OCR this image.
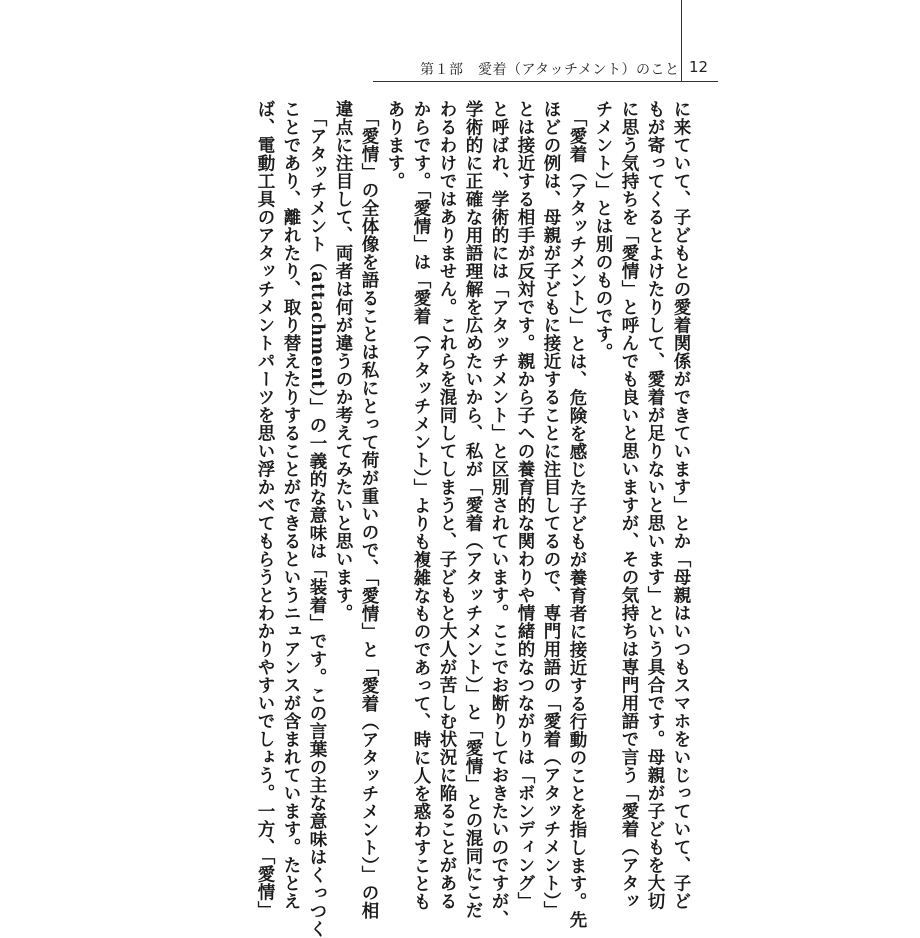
第１部　愛着（アタッチメント）のこと 12
に来ていて、子どもとの愛着関係ができています」とか「母親はいつもスマホをいじっていて、子ど
もが寄ってくるとよけたりして、愛着が足りないと思います」という具合です。母親が子どもを大切
に思う気持ちを「愛情」と呼んでも良いと思いますが、その気持ちは専門用語で言う「愛着（アタッ
チメント）」とは別のものです。
　「愛着（アタッチメント）」とは、危険を感じた子どもが養育者に接近する行動のことを指します。先
ほどの例は、母親が子どもに接近することに注目してるので、専門用語の「愛着（アタッチメント）」
とは接近する相手が反対です。親から子への養育的な関わりや情緒的なつながりは「ボンディング」
と呼ばれ、学術的には「アタッチメント」と区別されています。ここでお断りしておきたいのですが、
学術的に正確な用語理解を広めたいから、私が「愛着（アタッチメント）」と「愛情」との混同にこだ
わるわけではありません。これらを混同してしまうと、子どもと大人が苦しむ状況に陥ることがある
からです。「愛情」は「愛着（アタッチメント）」よりも複雑なものであって、時に人を惑わすことも
あります。
　「愛情」の全体像を語ることは私にとって荷が重いので、「愛情」と「愛着（アタッチメント）」の相
違点に注目して、両者は何が違うのか考えてみたいと思います。
　「アタッチメント（attachment）」の一義的な意味は「装着」です。この言葉の主な意味はくっつく
ことであり、離れたり、取り替えたりすることができるというニュアンスが含まれています。たとえ
ば、電動工具のアタッチメントパーツを思い浮かべてもらうとわかりやすいでしょう。一方、「愛情」
